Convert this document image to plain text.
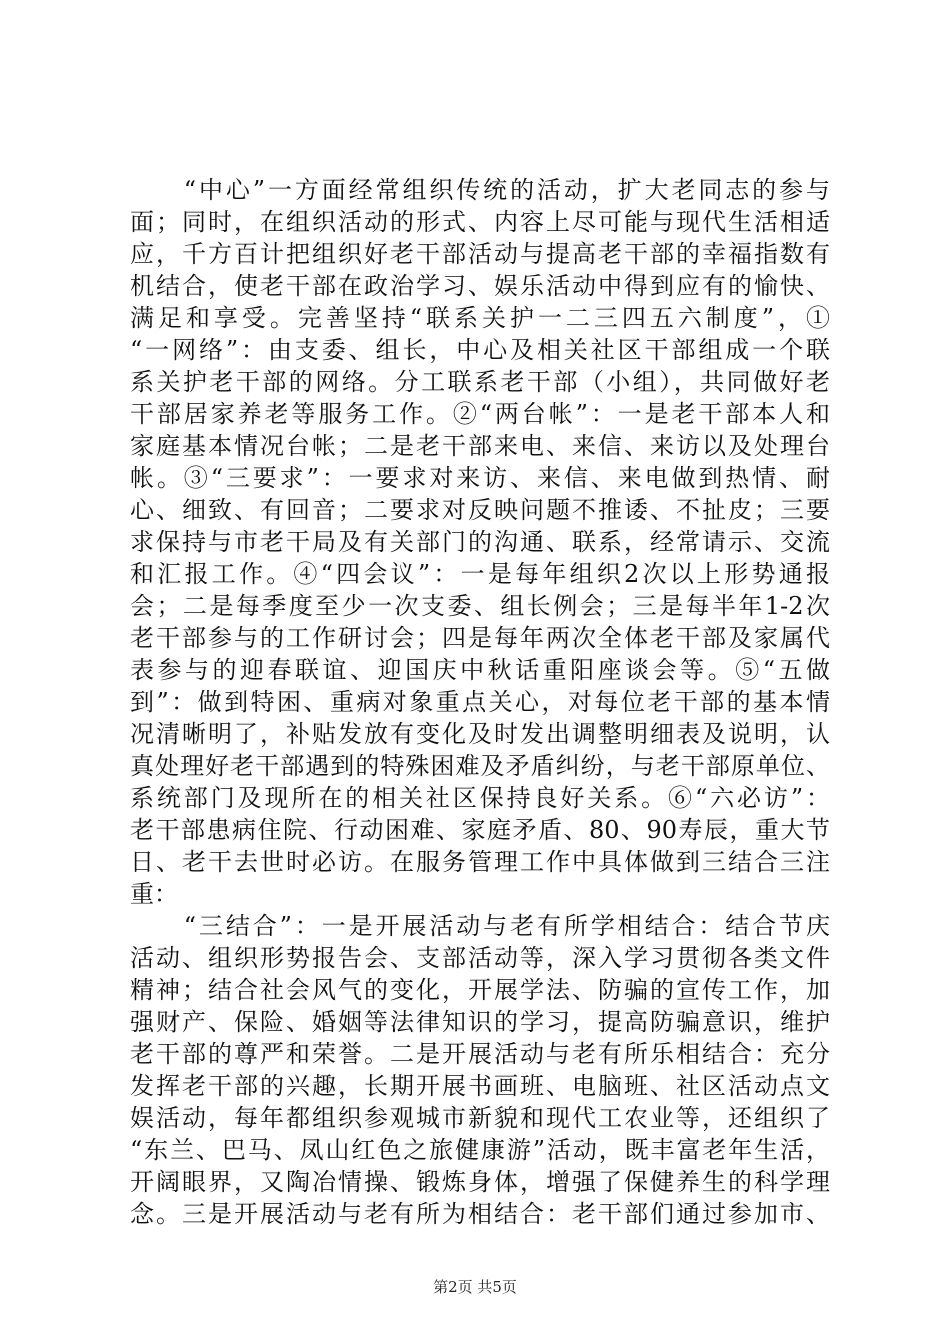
　　“中心”一方面经常组织传统的活动，扩大老同志的参与
面；同时，在组织活动的形式、内容上尽可能与现代生活相适
应，千方百计把组织好老干部活动与提高老干部的幸福指数有
机结合，使老干部在政治学习、娱乐活动中得到应有的愉快、
满足和享受。完善坚持“联系关护一二三四五六制度”，①
“一网络”：由支委、组长，中心及相关社区干部组成一个联
系关护老干部的网络。分工联系老干部（小组），共同做好老
干部居家养老等服务工作。②“两台帐”：一是老干部本人和
家庭基本情况台帐；二是老干部来电、来信、来访以及处理台
帐。③“三要求”：一要求对来访、来信、来电做到热情、耐
心、细致、有回音；二要求对反映问题不推诿、不扯皮；三要
求保持与市老干局及有关部门的沟通、联系，经常请示、交流
和汇报工作。④“四会议”：一是每年组织2次以上形势通报
会；二是每季度至少一次支委、组长例会；三是每半年1-2次
老干部参与的工作研讨会；四是每年两次全体老干部及家属代
表参与的迎春联谊、迎国庆中秋话重阳座谈会等。⑤“五做
到”：做到特困、重病对象重点关心，对每位老干部的基本情
况清晰明了，补贴发放有变化及时发出调整明细表及说明，认
真处理好老干部遇到的特殊困难及矛盾纠纷，与老干部原单位、
系统部门及现所在的相关社区保持良好关系。⑥“六必访”：
老干部患病住院、行动困难、家庭矛盾、80、90寿辰，重大节
日、老干去世时必访。在服务管理工作中具体做到三结合三注
重：
　　“三结合”：一是开展活动与老有所学相结合：结合节庆
活动、组织形势报告会、支部活动等，深入学习贯彻各类文件
精神；结合社会风气的变化，开展学法、防骗的宣传工作，加
强财产、保险、婚姻等法律知识的学习，提高防骗意识，维护
老干部的尊严和荣誉。二是开展活动与老有所乐相结合：充分
发挥老干部的兴趣，长期开展书画班、电脑班、社区活动点文
娱活动，每年都组织参观城市新貌和现代工农业等，还组织了
“东兰、巴马、凤山红色之旅健康游”活动，既丰富老年生活，
开阔眼界，又陶冶情操、锻炼身体，增强了保健养生的科学理
念。三是开展活动与老有所为相结合：老干部们通过参加市、
第2页 共5页
